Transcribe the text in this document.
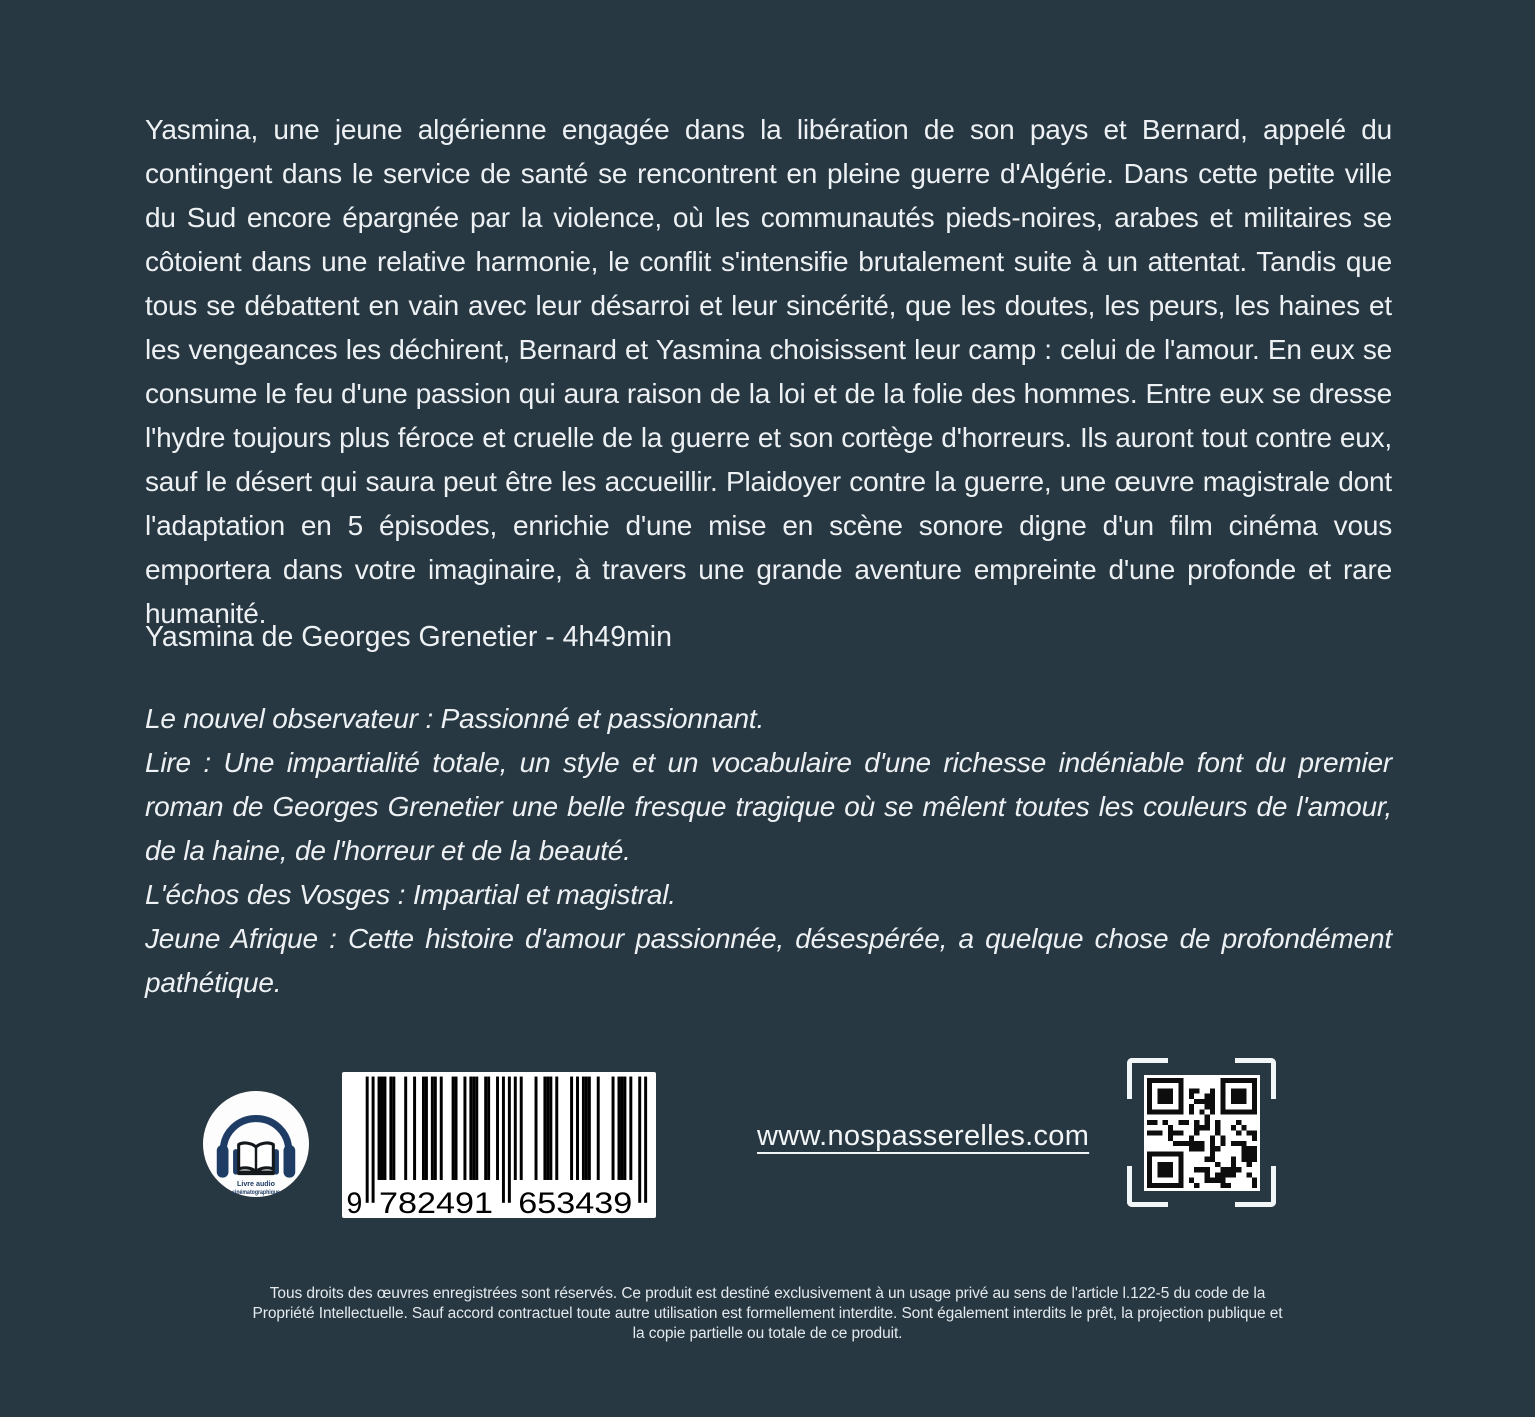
Yasmina, une jeune algérienne engagée dans la libération de son pays et Bernard, appelé du contingent dans le service de santé se rencontrent en pleine guerre d'Algérie. Dans cette petite ville du Sud encore épargnée par la violence, où les communautés pieds-noires, arabes et militaires se côtoient dans une relative harmonie, le conflit s'intensifie brutalement suite à un attentat. Tandis que tous se débattent en vain avec leur désarroi et leur sincérité, que les doutes, les peurs, les haines et les vengeances les déchirent, Bernard et Yasmina choisissent leur camp : celui de l'amour. En eux se consume le feu d'une passion qui aura raison de la loi et de la folie des hommes. Entre eux se dresse l'hydre toujours plus féroce et cruelle de la guerre et son cortège d'horreurs. Ils auront tout contre eux, sauf le désert qui saura peut être les accueillir. Plaidoyer contre la guerre, une œuvre magistrale dont l'adaptation en 5 épisodes, enrichie d'une mise en scène sonore digne d'un film cinéma vous emportera dans votre imaginaire, à travers une grande aventure empreinte d'une profonde et rare humanité.

Yasmina de Georges Grenetier - 4h49min

Le nouvel observateur : Passionné et passionnant.

Lire : Une impartialité totale, un style et un vocabulaire d'une richesse indéniable font du premier roman de Georges Grenetier une belle fresque tragique où se mêlent toutes les couleurs de l'amour, de la haine, de l'horreur et de la beauté.

L'échos des Vosges : Impartial et magistral.

Jeune Afrique : Cette histoire d'amour passionnée, désespérée, a quelque chose de profondément pathétique.

Livre audio
cinématographique	9 782491	653439
www.nospasserelles.com
Tous droits des œuvres enregistrées sont réservés. Ce produit est destiné exclusivement à un usage privé au sens de l'article l.122-5 du code de la
Propriété Intellectuelle. Sauf accord contractuel toute autre utilisation est formellement interdite. Sont également interdits le prêt, la projection publique et
la copie partielle ou totale de ce produit.
